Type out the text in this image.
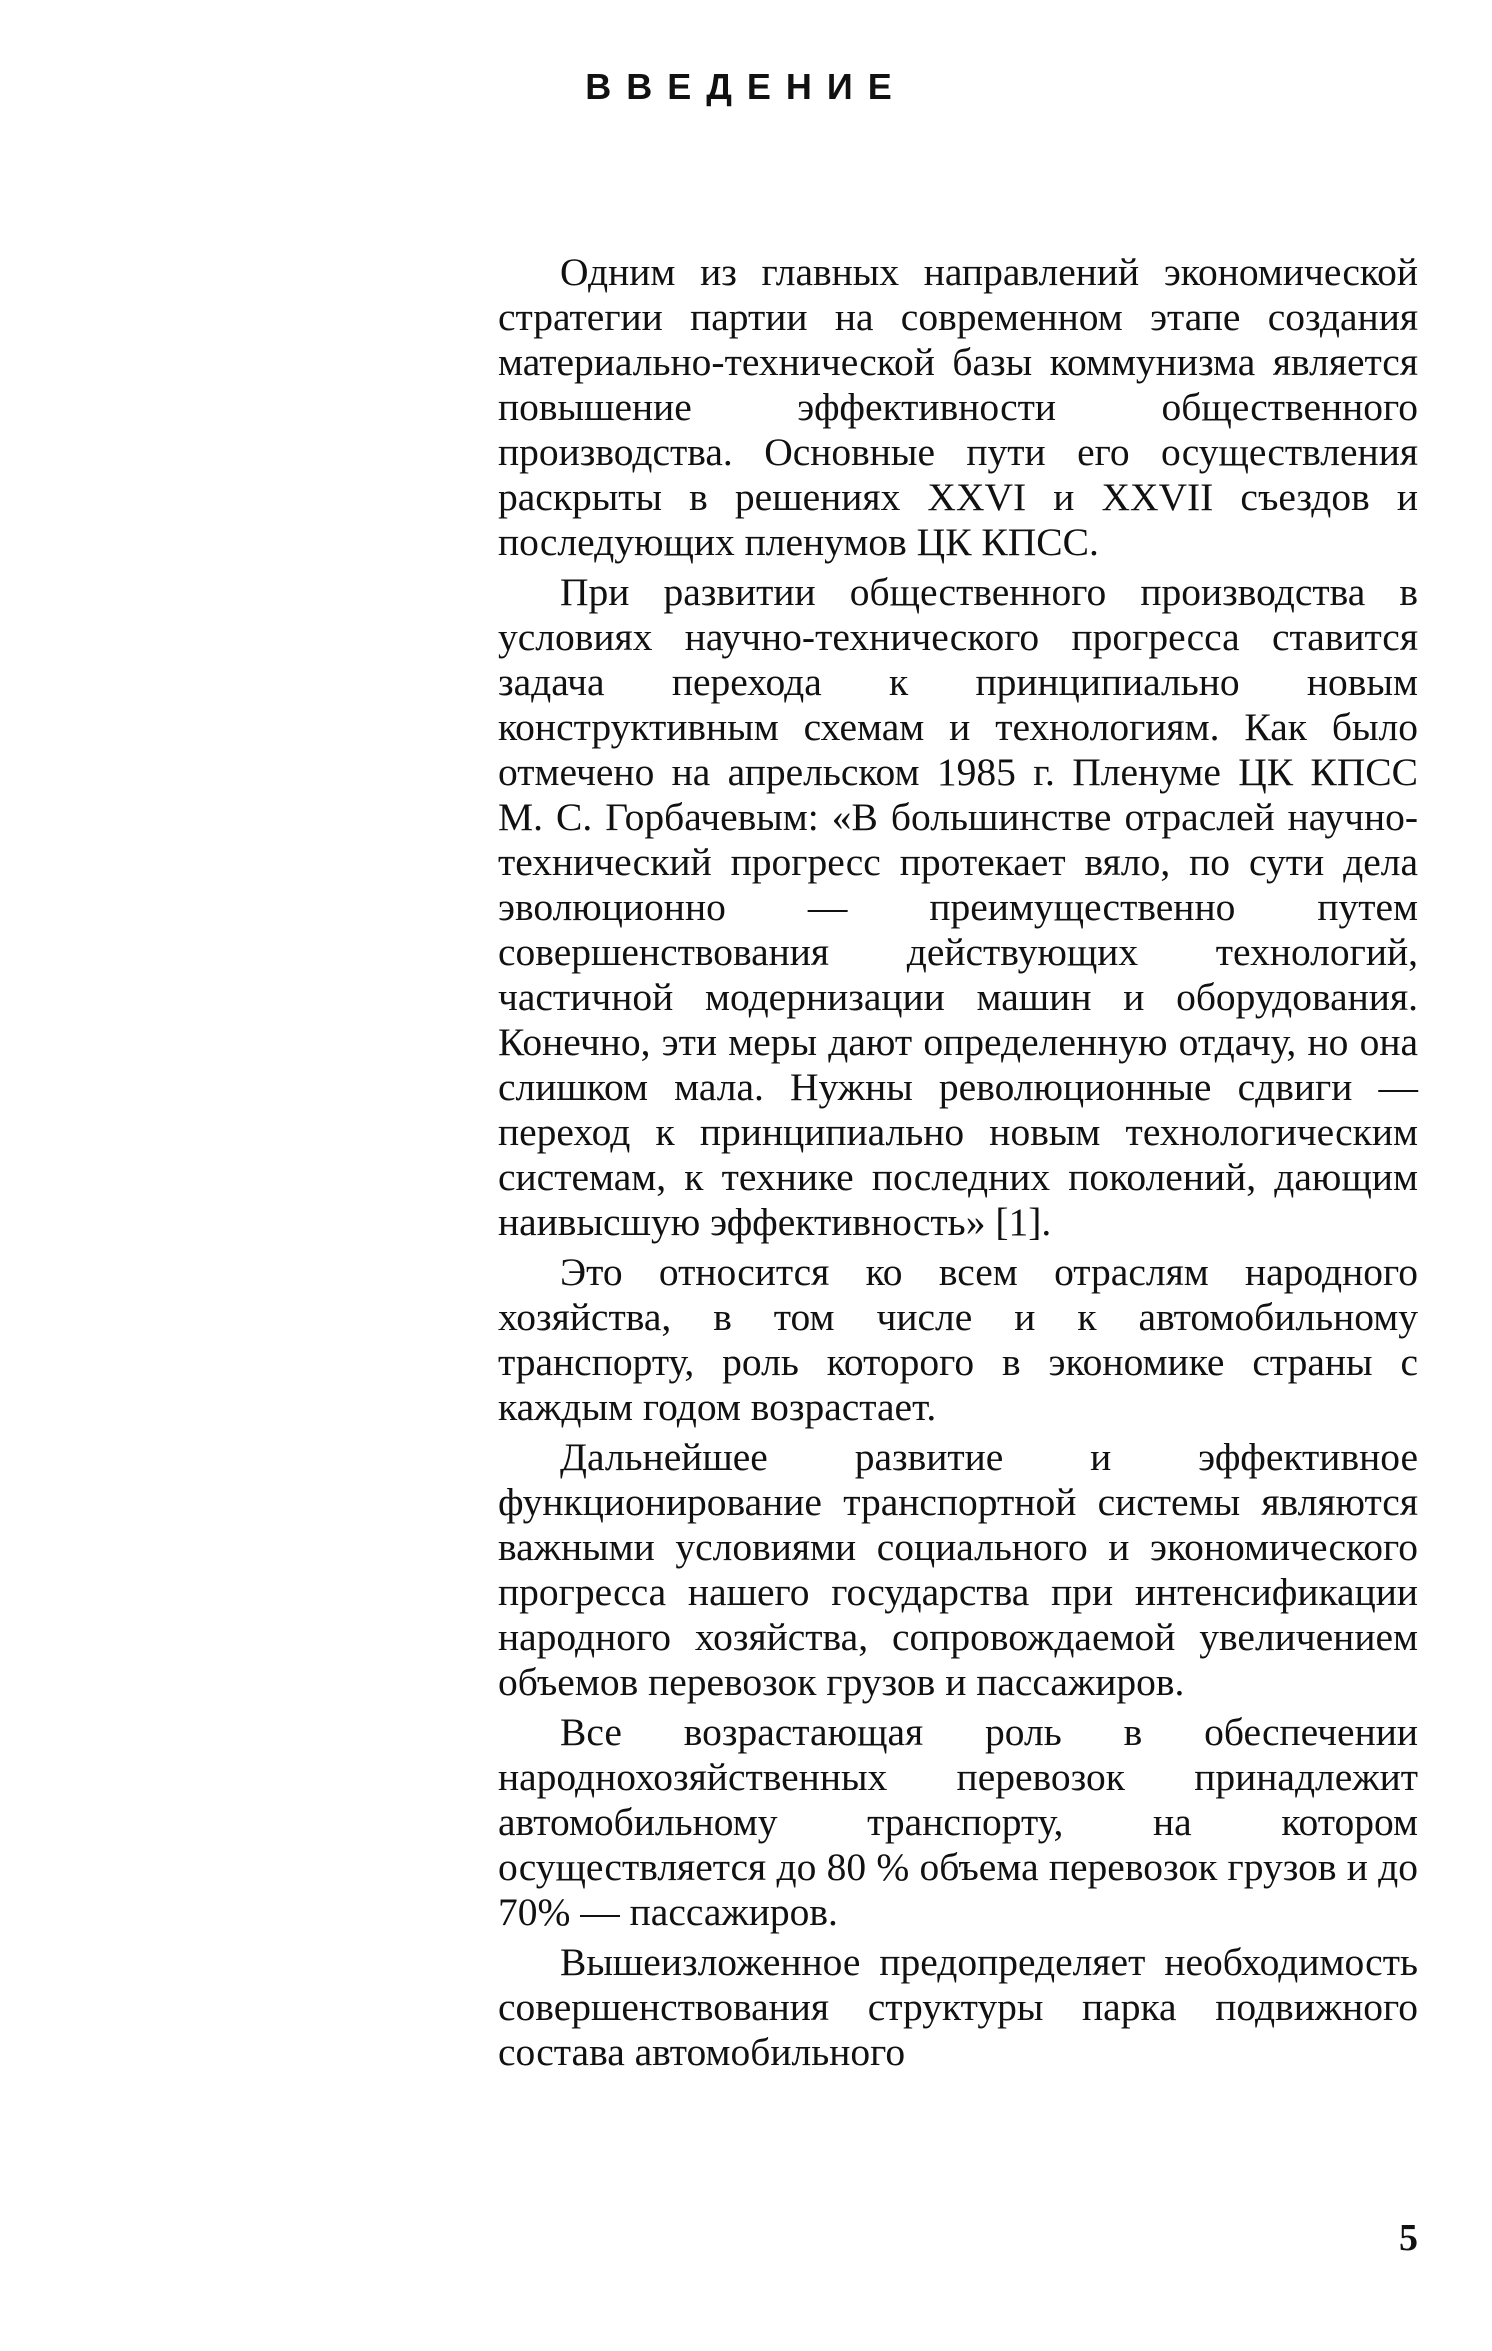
ВВЕДЕНИЕ

Одним из главных направлений экономической стратегии партии на современном этапе создания материально-технической базы коммунизма является повышение эффективности общественного производства. Основные пути его осуществления раскрыты в решениях XXVI и XXVII съездов и последующих пленумов ЦК КПСС.

При развитии общественного производства в условиях научно-технического прогресса ставится задача перехода к принципиально новым конструктивным схемам и технологиям. Как было отмечено на апрельском 1985 г. Пленуме ЦК КПСС М. С. Горбачевым: «В большинстве отраслей научно-технический прогресс протекает вяло, по сути дела эволюционно — преимущественно путем совершенствования действующих технологий, частичной модернизации машин и оборудования. Конечно, эти меры дают определенную отдачу, но она слишком мала. Нужны революционные сдвиги — переход к принципиально новым технологическим системам, к технике последних поколений, дающим наивысшую эффективность» [1].

Это относится ко всем отраслям народного хозяйства, в том числе и к автомобильному транспорту, роль которого в экономике страны с каждым годом возрастает.

Дальнейшее развитие и эффективное функционирование транспортной системы являются важными условиями социального и экономического прогресса нашего государства при интенсификации народного хозяйства, сопровождаемой увеличением объемов перевозок грузов и пассажиров.

Все возрастающая роль в обеспечении народнохозяйственных перевозок принадлежит автомобильному транспорту, на котором осуществляется до 80 % объема перевозок грузов и до 70% — пассажиров.

Вышеизложенное предопределяет необходимость совершенствования структуры парка подвижного состава автомобильного

5
